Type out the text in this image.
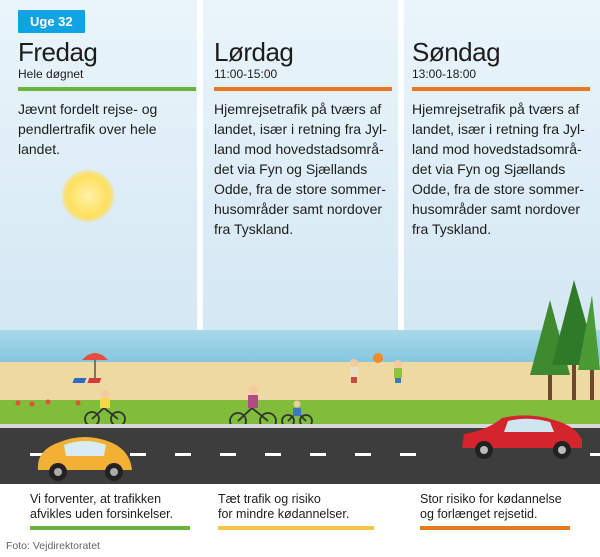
Uge 32
Fredag
Hele døgnet
Jævnt fordelt rejse- og
pendlertrafik over hele
landet.
Lørdag
11:00-15:00
Hjemrejsetrafik på tværs af
landet, især i retning fra Jyl-
land mod hovedstadsområ-
det via Fyn og Sjællands
Odde, fra de store sommer-
husområder samt nordover
fra Tyskland.
Søndag
13:00-18:00
Hjemrejsetrafik på tværs af
landet, især i retning fra Jyl-
land mod hovedstadsområ-
det via Fyn og Sjællands
Odde, fra de store sommer-
husområder samt nordover
fra Tyskland.
Vi forventer, at trafikken
afvikles uden forsinkelser.
Tæt trafik og risiko
for mindre kødannelser.
Stor risiko for kødannelse
og forlænget rejsetid.
Foto: Vejdirektoratet
